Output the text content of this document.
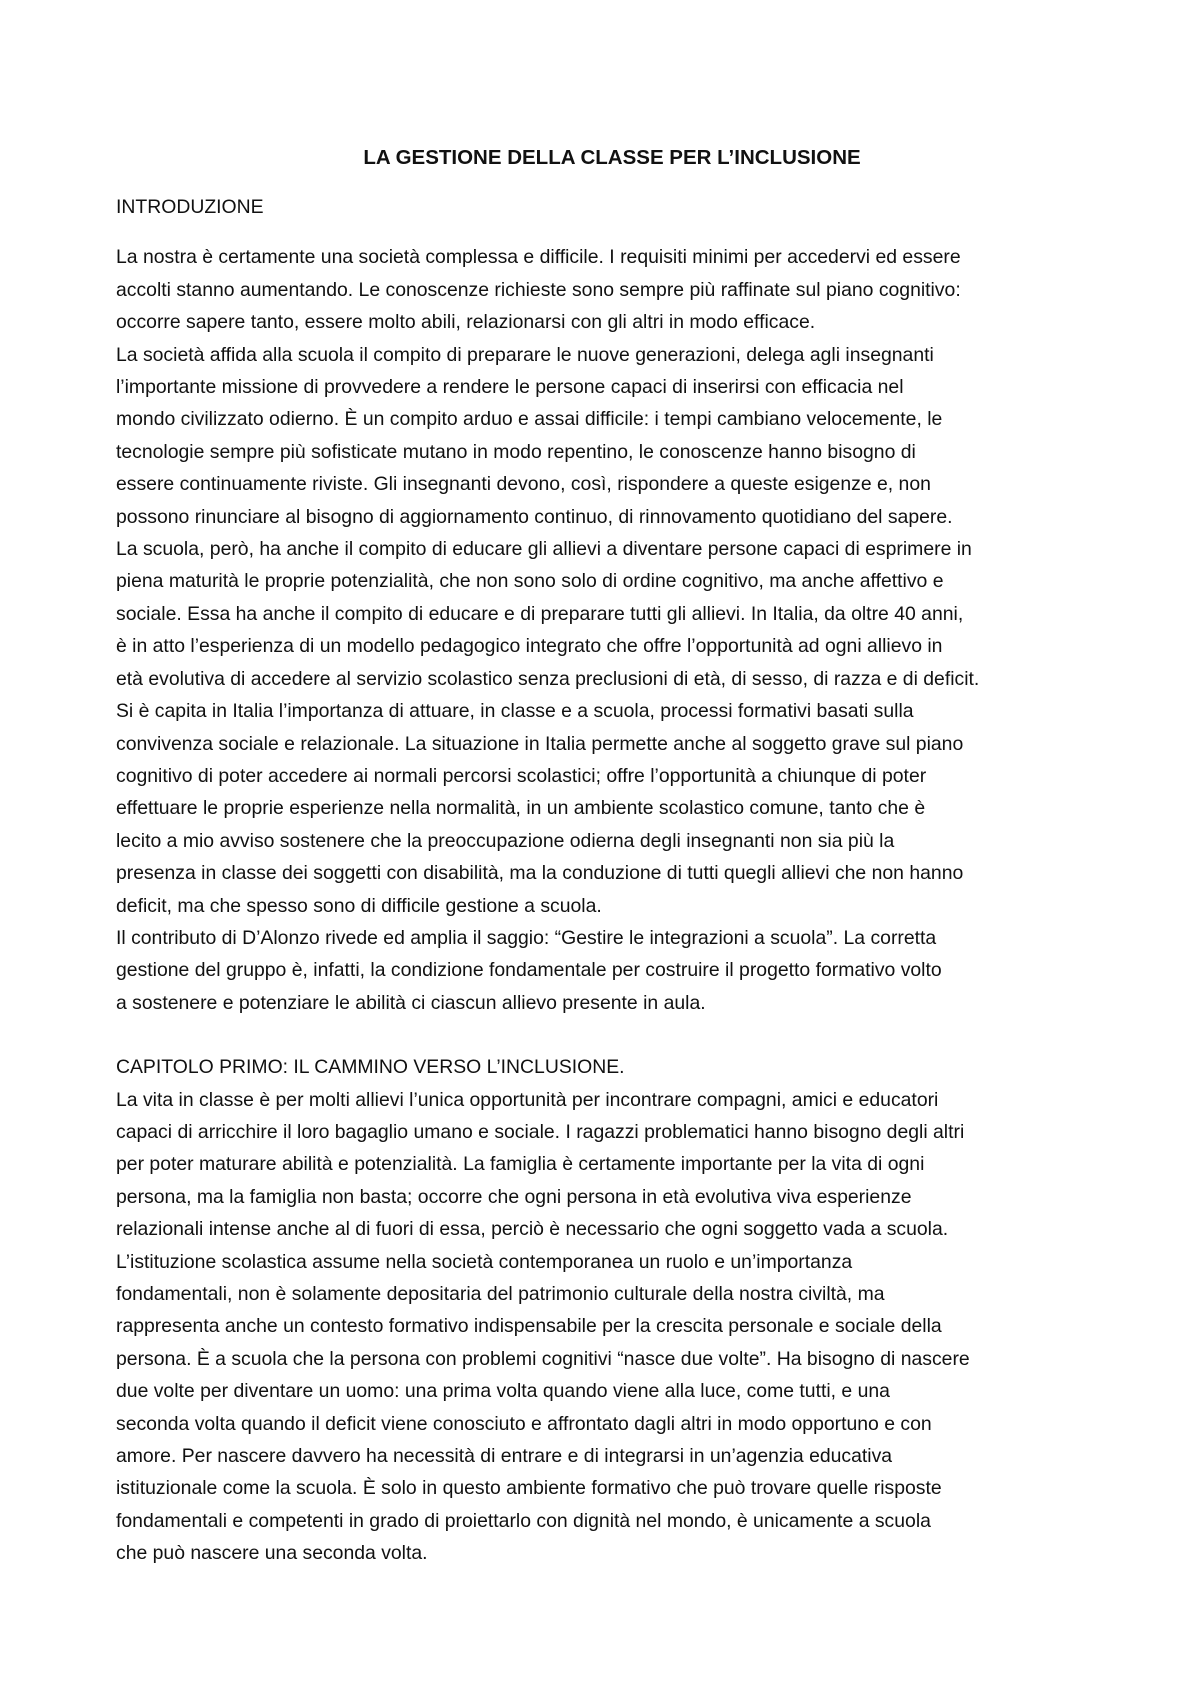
LA GESTIONE DELLA CLASSE PER L’INCLUSIONE
INTRODUZIONE
La nostra è certamente una società complessa e difficile. I requisiti minimi per accedervi ed essere
accolti stanno aumentando. Le conoscenze richieste sono sempre più raffinate sul piano cognitivo:
occorre sapere tanto, essere molto abili, relazionarsi con gli altri in modo efficace.
La società affida alla scuola il compito di preparare le nuove generazioni, delega agli insegnanti
l’importante missione di provvedere a rendere le persone capaci di inserirsi con efficacia nel
mondo civilizzato odierno. È un compito arduo e assai difficile: i tempi cambiano velocemente, le
tecnologie sempre più sofisticate mutano in modo repentino, le conoscenze hanno bisogno di
essere continuamente riviste. Gli insegnanti devono, così, rispondere a queste esigenze e, non
possono rinunciare al bisogno di aggiornamento continuo, di rinnovamento quotidiano del sapere.
La scuola, però, ha anche il compito di educare gli allievi a diventare persone capaci di esprimere in
piena maturità le proprie potenzialità, che non sono solo di ordine cognitivo, ma anche affettivo e
sociale. Essa ha anche il compito di educare e di preparare tutti gli allievi. In Italia, da oltre 40 anni,
è in atto l’esperienza di un modello pedagogico integrato che offre l’opportunità ad ogni allievo in
età evolutiva di accedere al servizio scolastico senza preclusioni di età, di sesso, di razza e di deficit.
Si è capita in Italia l’importanza di attuare, in classe e a scuola, processi formativi basati sulla
convivenza sociale e relazionale. La situazione in Italia permette anche al soggetto grave sul piano
cognitivo di poter accedere ai normali percorsi scolastici; offre l’opportunità a chiunque di poter
effettuare le proprie esperienze nella normalità, in un ambiente scolastico comune, tanto che è
lecito a mio avviso sostenere che la preoccupazione odierna degli insegnanti non sia più la
presenza in classe dei soggetti con disabilità, ma la conduzione di tutti quegli allievi che non hanno
deficit, ma che spesso sono di difficile gestione a scuola.
Il contributo di D’Alonzo rivede ed amplia il saggio: “Gestire le integrazioni a scuola”. La corretta
gestione del gruppo è, infatti, la condizione fondamentale per costruire il progetto formativo volto
a sostenere e potenziare le abilità ci ciascun allievo presente in aula.
CAPITOLO PRIMO: IL CAMMINO VERSO L’INCLUSIONE.
La vita in classe è per molti allievi l’unica opportunità per incontrare compagni, amici e educatori
capaci di arricchire il loro bagaglio umano e sociale. I ragazzi problematici hanno bisogno degli altri
per poter maturare abilità e potenzialità. La famiglia è certamente importante per la vita di ogni
persona, ma la famiglia non basta; occorre che ogni persona in età evolutiva viva esperienze
relazionali intense anche al di fuori di essa, perciò è necessario che ogni soggetto vada a scuola.
L’istituzione scolastica assume nella società contemporanea un ruolo e un’importanza
fondamentali, non è solamente depositaria del patrimonio culturale della nostra civiltà, ma
rappresenta anche un contesto formativo indispensabile per la crescita personale e sociale della
persona. È a scuola che la persona con problemi cognitivi “nasce due volte”. Ha bisogno di nascere
due volte per diventare un uomo: una prima volta quando viene alla luce, come tutti, e una
seconda volta quando il deficit viene conosciuto e affrontato dagli altri in modo opportuno e con
amore. Per nascere davvero ha necessità di entrare e di integrarsi in un’agenzia educativa
istituzionale come la scuola. È solo in questo ambiente formativo che può trovare quelle risposte
fondamentali e competenti in grado di proiettarlo con dignità nel mondo, è unicamente a scuola
che può nascere una seconda volta.
